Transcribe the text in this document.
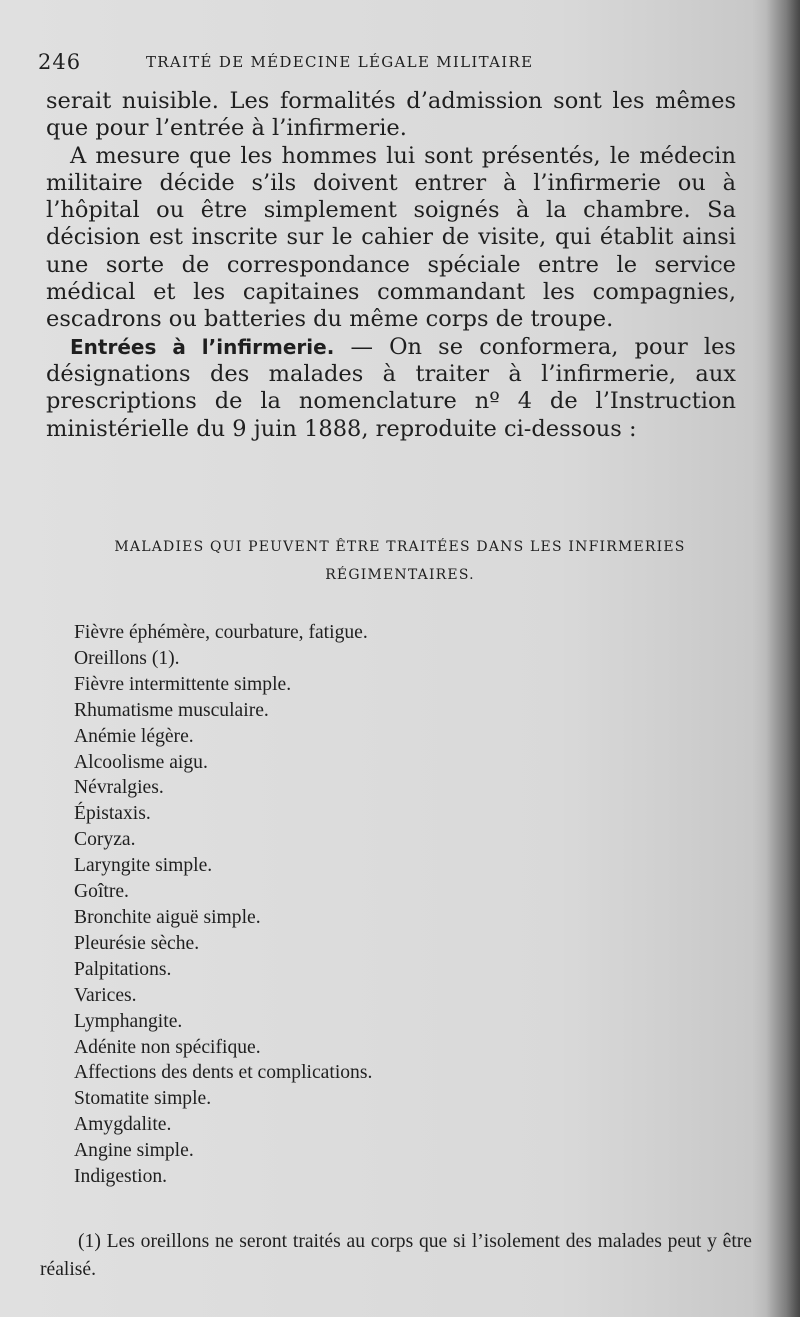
246	TRAITÉ DE MÉDECINE LÉGALE MILITAIRE

serait nuisible. Les formalités d’admission sont les mêmes que pour l’entrée à l’infirmerie.

A mesure que les hommes lui sont présentés, le médecin militaire décide s’ils doivent entrer à l’infirmerie ou à l’hôpital ou être simplement soignés à la chambre. Sa décision est inscrite sur le cahier de visite, qui établit ainsi une sorte de correspondance spéciale entre le service médical et les capitaines commandant les compagnies, escadrons ou batteries du même corps de troupe.

Entrées à l’infirmerie. — On se conformera, pour les désignations des malades à traiter à l’infirmerie, aux prescriptions de la nomenclature nº 4 de l’Instruction ministérielle du 9 juin 1888, reproduite ci-dessous :

MALADIES QUI PEUVENT ÊTRE TRAITÉES DANS LES INFIRMERIES
RÉGIMENTAIRES.
Fièvre éphémère, courbature, fatigue.
Oreillons (1).
Fièvre intermittente simple.
Rhumatisme musculaire.
Anémie légère.
Alcoolisme aigu.
Névralgies.
Épistaxis.
Coryza.
Laryngite simple.
Goître.
Bronchite aiguë simple.
Pleurésie sèche.
Palpitations.
Varices.
Lymphangite.
Adénite non spécifique.
Affections des dents et complications.
Stomatite simple.
Amygdalite.
Angine simple.
Indigestion.

(1) Les oreillons ne seront traités au corps que si l’isolement des malades peut y être réalisé.
